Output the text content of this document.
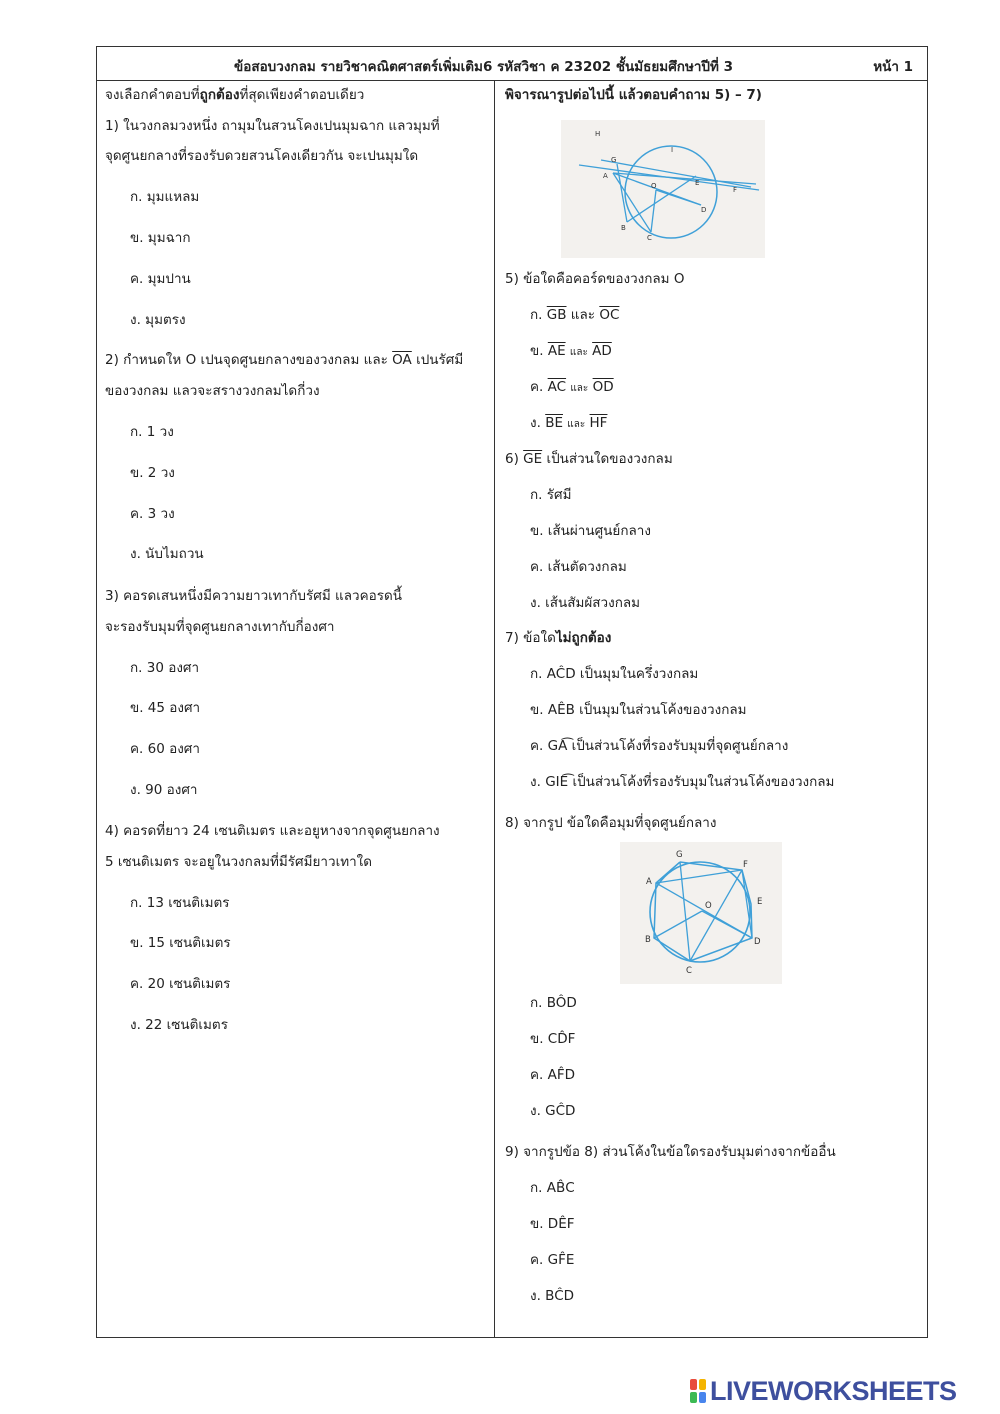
ข้อสอบวงกลม รายวิชาคณิตศาสตร์เพิ่มเติม6 รหัสวิชา ค 23202 ชั้นมัธยมศึกษาปีที่ 3	หน้า 1
จงเลือกคำตอบที่ถูกต้องที่สุดเพียงคำตอบเดียว
1) ในวงกลมวงหนึ่ง ถามุมในสวนโคงเปนมุมฉาก แลวมุมที่
จุดศูนยกลางที่รองรับดวยสวนโคงเดียวกัน จะเปนมุมใด
ก. มุมแหลม
ข. มุมฉาก
ค. มุมปาน
ง. มุมตรง
2) กำหนดให O เปนจุดศูนยกลางของวงกลม และ $\overline{OA}$ เปนรัศมี
ของวงกลม แลวจะสรางวงกลมไดกี่วง
ก. 1 วง
ข. 2 วง
ค. 3 วง
ง. นับไมถวน
3) คอรดเสนหนึ่งมีความยาวเทากับรัศมี แลวคอรดนี้
จะรองรับมุมที่จุดศูนยกลางเทากับกี่องศา
ก. 30 องศา
ข. 45 องศา
ค. 60 องศา
ง. 90 องศา
4) คอรดที่ยาว 24 เซนติเมตร และอยูหางจากจุดศูนยกลาง
5 เซนติเมตร จะอยูในวงกลมที่มีรัศมียาวเทาใด
ก. 13 เซนติเมตร
ข. 15 เซนติเมตร
ค. 20 เซนติเมตร
ง. 22 เซนติเมตร
พิจารณารูปต่อไปนี้ แล้วตอบคำถาม 5) – 7)
H
I
G
A
O	E
F
B
C
D
5) ข้อใดคือคอร์ดของวงกลม O
ก. $\overline{GB}$ และ $\overline{OC}$
ข. $\overline{AE}$ และ $\overline{AD}$
ค. $\overline{AC}$ และ $\overline{OD}$
ง. $\overline{BE}$ และ $\overline{HF}$
6) $\overline{GE}$ เป็นส่วนใดของวงกลม
ก. รัศมี
ข. เส้นผ่านศูนย์กลาง
ค. เส้นตัดวงกลม
ง. เส้นสัมผัสวงกลม
7) ข้อใดไม่ถูกต้อง
ก. AĈD เป็นมุมในครึ่งวงกลม
ข. AÊB เป็นมุมในส่วนโค้งของวงกลม
ค. GA͡ เป็นส่วนโค้งที่รองรับมุมที่จุดศูนย์กลาง
ง. GIE͡ เป็นส่วนโค้งที่รองรับมุมในส่วนโค้งของวงกลม
8) จากรูป ข้อใดคือมุมที่จุดศูนย์กลาง
G
F
A
E
O
B	D
C
ก. BÔD
ข. CD̂F
ค. AF̂D
ง. GĈD
9) จากรูปข้อ 8) ส่วนโค้งในข้อใดรองรับมุมต่างจากข้ออื่น
ก. AB̂C
ข. DÊF
ค. GF̂E
ง. BĈD
LIVEWORKSHEETS
